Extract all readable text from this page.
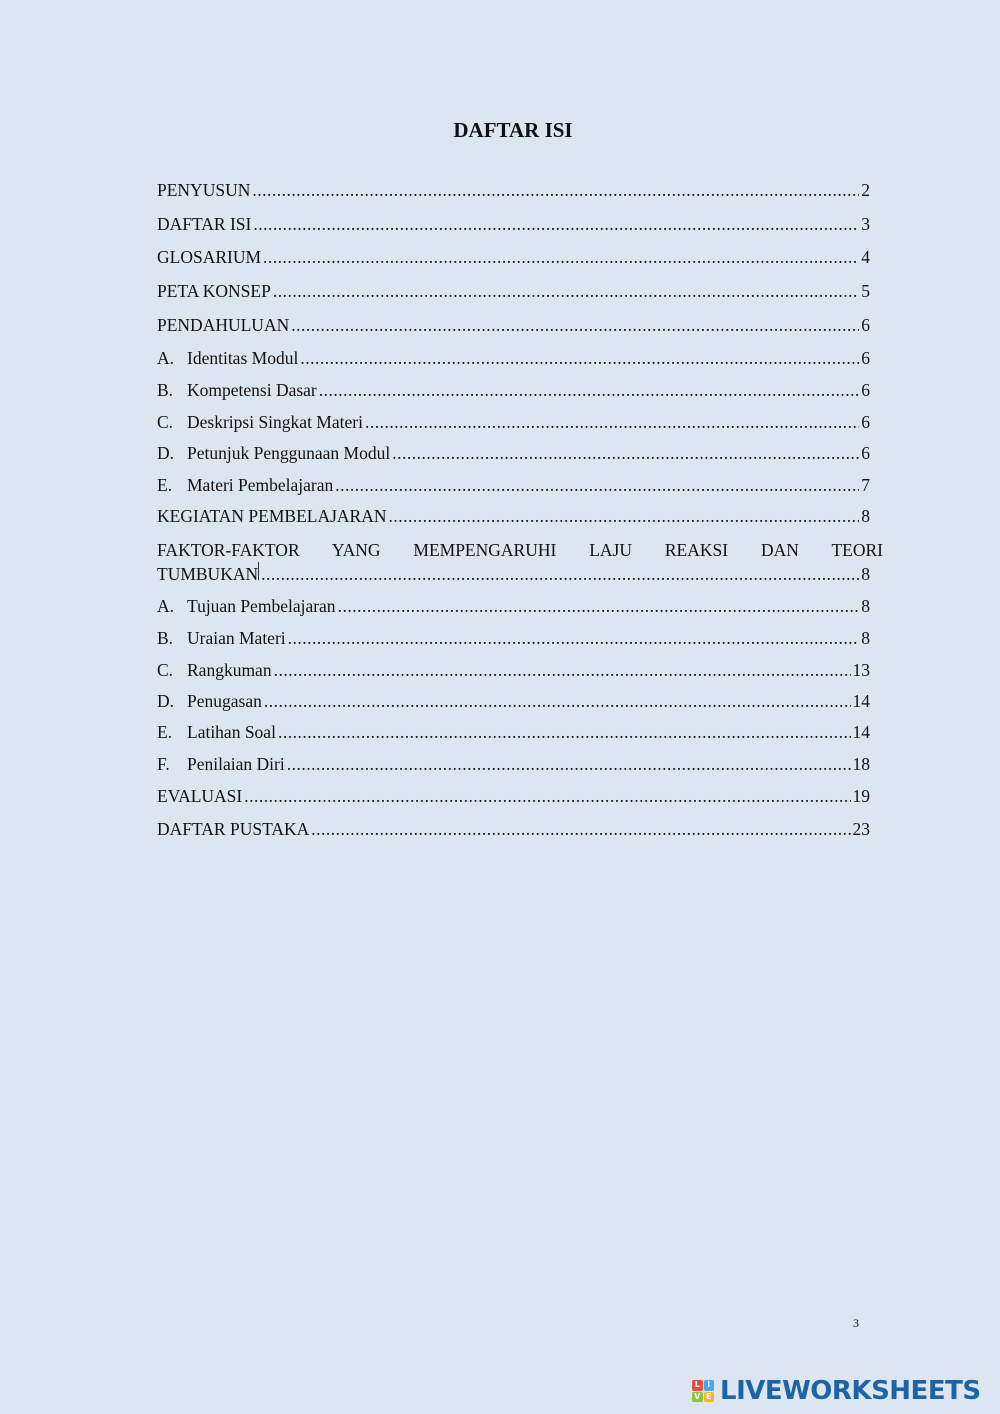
DAFTAR ISI
PENYUSUN .....	2
DAFTAR ISI .....	3
GLOSARIUM .....	4
PETA KONSEP .....	5
PENDAHULUAN .....	6
A. Identitas Modul .....	6
B. Kompetensi Dasar .....	6
C. Deskripsi Singkat Materi .....	6
D. Petunjuk Penggunaan Modul .....	6
E. Materi Pembelajaran .....	7
KEGIATAN PEMBELAJARAN .....	8
FAKTOR-FAKTOR YANG MEMPENGARUHI LAJU REAKSI DAN TEORI
TUMBUKAN .....	8
A. Tujuan Pembelajaran .....	8
B. Uraian Materi .....	8
C. Rangkuman .....	13
D. Penugasan .....	14
E. Latihan Soal .....	14
F. Penilaian Diri .....	18
EVALUASI .....	19
DAFTAR PUSTAKA .....	23
3
L I
V E LIVEWORKSHEETS
